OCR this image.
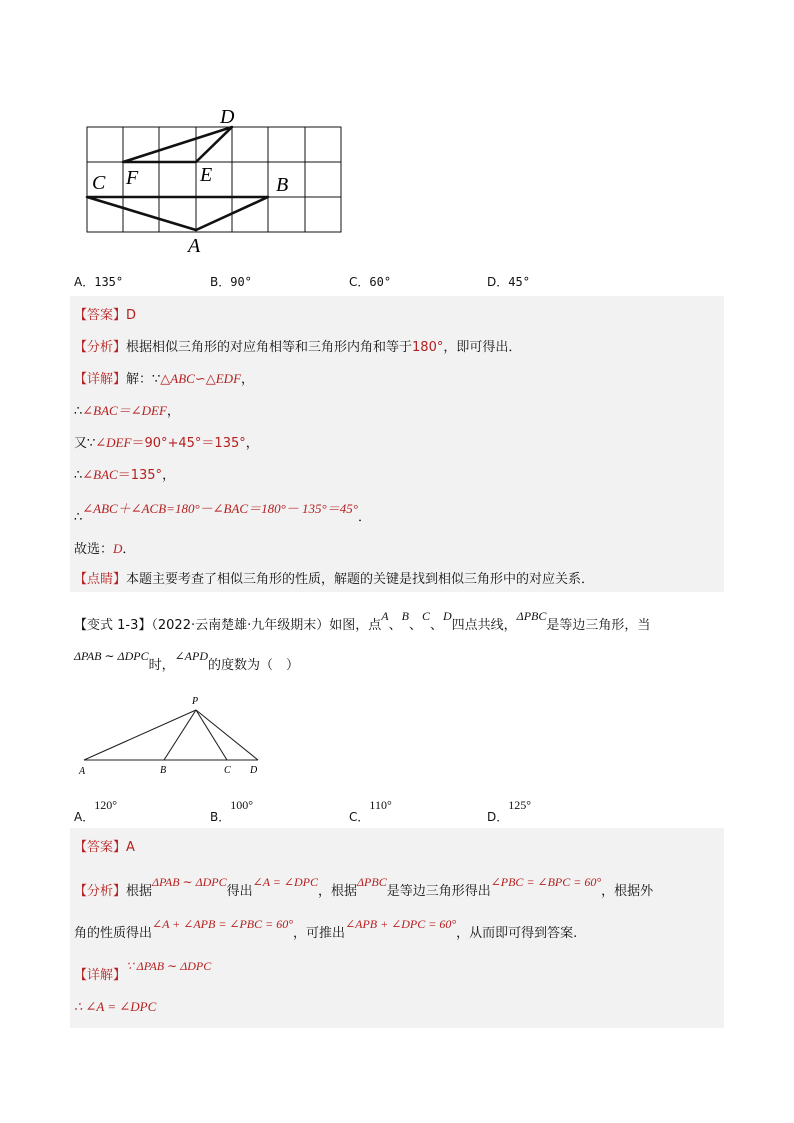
D
F	E
C	B
A
A．135°	B．90°	C．60°	D．45°
【答案】D
【分析】根据相似三角形的对应角相等和三角形内角和等于180°，即可得出．
【详解】解：∵△ABC∽△EDF，
∴∠BAC＝∠DEF，
又∵∠DEF＝90°+45°＝135°，
∴∠BAC＝135°，
∴∠ABC＋∠ACB=180°－∠BAC＝180°－ 135°＝45°．
故选：D．
【点睛】本题主要考查了相似三角形的性质，解题的关键是找到相似三角形中的对应关系．
【变式 1-3】（2022·云南楚雄·九年级期末）如图，点A、B、C、D四点共线，ΔPBC是等边三角形，当
ΔPAB ∼ ΔDPC时，∠APD的度数为（　）
P
A	B	C D
A．120°
B．100°
C．110°
D．125°
【答案】A
【分析】根据ΔPAB ∼ ΔDPC得出∠A = ∠DPC，根据ΔPBC是等边三角形得出∠PBC = ∠BPC = 60°，根据外
角的性质得出∠A + ∠APB = ∠PBC = 60°，可推出∠APB + ∠DPC = 60°，从而即可得到答案.
【详解】∵ ΔPAB ∼ ΔDPC
∴ ∠A = ∠DPC
